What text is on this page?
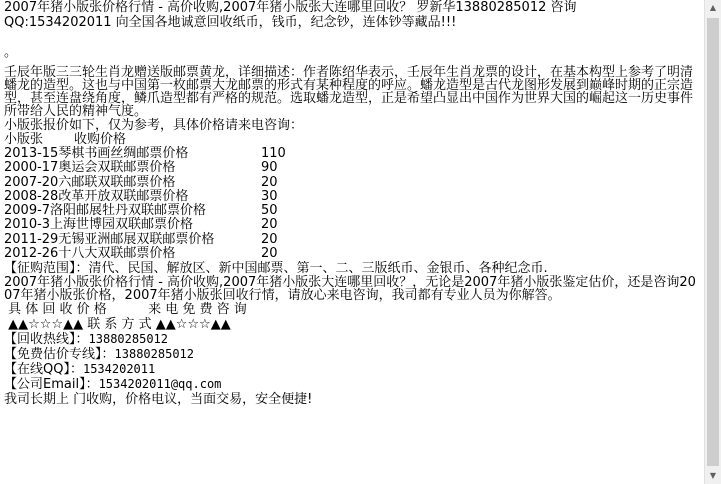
2007年猪小版张价格行情 - 高价收购,2007年猪小版张大连哪里回收？ 罗新华13880285012 咨询
QQ:1534202011 向全国各地诚意回收纸币，钱币，纪念钞，连体钞等藏品!!!

。

壬辰年版三三轮生肖龙赠送版邮票黄龙，详细描述：作者陈绍华表示，壬辰年生肖龙票的设计，在基本构型上参考了明清蟠龙的造型。这也与中国第一枚邮票大龙邮票的形式有某种程度的呼应。蟠龙造型是古代龙图形发展到巅峰时期的正宗造型，甚至连盘绕角度，鳞爪造型都有严格的规范。选取蟠龙造型，正是希望凸显出中国作为世界大国的崛起这一历史事件所带给人民的精神气度。

小版张报价如下，仅为参考，具体价格请来电咨询：
小版张	收购价格
2013-15琴棋书画丝绸邮票价格	110
2000-17奥运会双联邮票价格	90
2007-20六邮联双联邮票价格	20
2008-28改革开放双联邮票价格	30
2009-7洛阳邮展牡丹双联邮票价格	50
2010-3上海世博园双联邮票价格	20
2011-29无锡亚洲邮展双联邮票价格	20
2012-26十八大双联邮票价格	20
【征购范围】：清代、民国、解放区、新中国邮票、第一、二、三版纸币、金银币、各种纪念币.

2007年猪小版张价格行情 - 高价收购,2007年猪小版张大连哪里回收？，无论是2007年猪小版张鉴定估价，还是咨询2007年猪小版张价格，2007年猪小版张回收行情，请放心来电咨询，我司都有专业人员为你解答。

具 体 回 收 价 格          来 电 免 费 咨 询
▲▲☆☆☆▲▲ 联 系 方 式 ▲▲☆☆☆▲▲
【回收热线】：13880285012
【免费估价专线】：13880285012
【在线QQ】：1534202011
【公司Email】：1534202011@qq.com
我司长期上 门收购，价格电议，当面交易，安全便捷!
▲
▼
